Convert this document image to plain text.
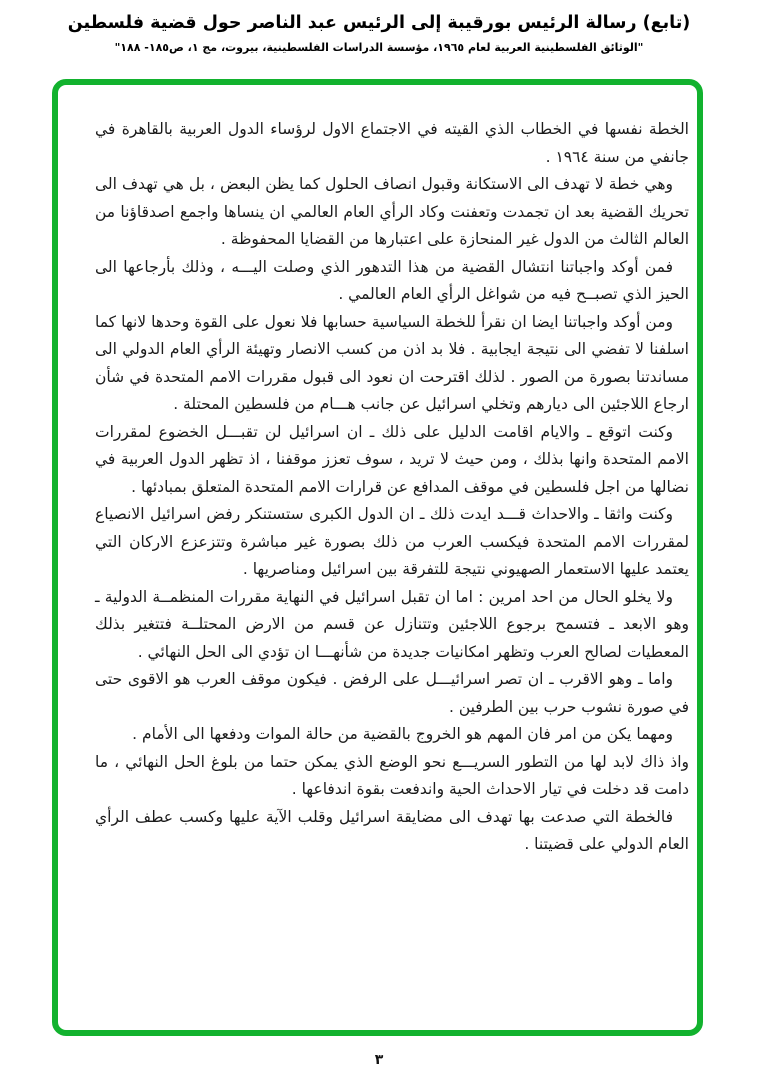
(تابع) رسالة الرئيس بورقيبة إلى الرئيس عبد الناصر حول قضية فلسطين
"الوثائق الفلسطينية العربية لعام ١٩٦٥، مؤسسة الدراسات الفلسطينية، بيروت، مج ١، ص١٨٥- ١٨٨"

الخطة نفسها في الخطاب الذي القيته في الاجتماع الاول لرؤساء الدول العربية بالقاهرة في جانفي من سنة ١٩٦٤ .

وهي خطة لا تهدف الى الاستكانة وقبول انصاف الحلول كما يظن البعض ، بل هي تهدف الى تحريك القضية بعد ان تجمدت وتعفنت وكاد الرأي العام العالمي ان ينساها واجمع اصدقاؤنا من العالم الثالث من الدول غير المنحازة على اعتبارها من القضايا المحفوظة .

فمن أوكد واجباتنا انتشال القضية من هذا التدهور الذي وصلت اليـــه ، وذلك بأرجاعها الى الحيز الذي تصبــح فيه من شواغل الرأي العام العالمي .

ومن أوكد واجباتنا ايضا ان نقرأ للخطة السياسية حسابها فلا نعول على القوة وحدها لانها كما اسلفنا لا تفضي الى نتيجة ايجابية . فلا بد اذن من كسب الانصار وتهيئة الرأي العام الدولي الى مساندتنا بصورة من الصور . لذلك اقترحت ان نعود الى قبول مقررات الامم المتحدة في شأن ارجاع اللاجئين الى ديارهم وتخلي اسرائيل عن جانب هـــام من فلسطين المحتلة .

وكنت اتوقع ـ والايام اقامت الدليل على ذلك ـ ان اسرائيل لن تقبـــل الخضوع لمقررات الامم المتحدة وانها بذلك ، ومن حيث لا تريد ، سوف تعزز موقفنا ، اذ تظهر الدول العربية في نضالها من اجل فلسطين في موقف المدافع عن قرارات الامم المتحدة المتعلق بمبادئها .

وكنت واثقا ـ والاحداث قـــد ايدت ذلك ـ ان الدول الكبرى ستستنكر رفض اسرائيل الانصياع لمقررات الامم المتحدة فيكسب العرب من ذلك بصورة غير مباشرة وتتزعزع الاركان التي يعتمد عليها الاستعمار الصهيوني نتيجة للتفرقة بين اسرائيل ومناصريها .

ولا يخلو الحال من احد امرين : اما ان تقبل اسرائيل في النهاية مقررات المنظمــة الدولية ـ وهو الابعد ـ فتسمح برجوع اللاجئين وتتنازل عن قسم من الارض المحتلــة فتتغير بذلك المعطيات لصالح العرب وتظهر امكانيات جديدة من شأنهـــا ان تؤدي الى الحل النهائي .

واما ـ وهو الاقرب ـ ان تصر اسرائيـــل على الرفض . فيكون موقف العرب هو الاقوى حتى في صورة نشوب حرب بين الطرفين .

ومهما يكن من امر فان المهم هو الخروج بالقضية من حالة الموات ودفعها الى الأمام .

واذ ذاك لابد لها من التطور السريـــع نحو الوضع الذي يمكن حتما من بلوغ الحل النهائي ، ما دامت قد دخلت في تيار الاحداث الحية واندفعت بقوة اندفاعها .

فالخطة التي صدعت بها تهدف الى مضايقة اسرائيل وقلب الآية عليها وكسب عطف الرأي العام الدولي على قضيتنا .

٣
